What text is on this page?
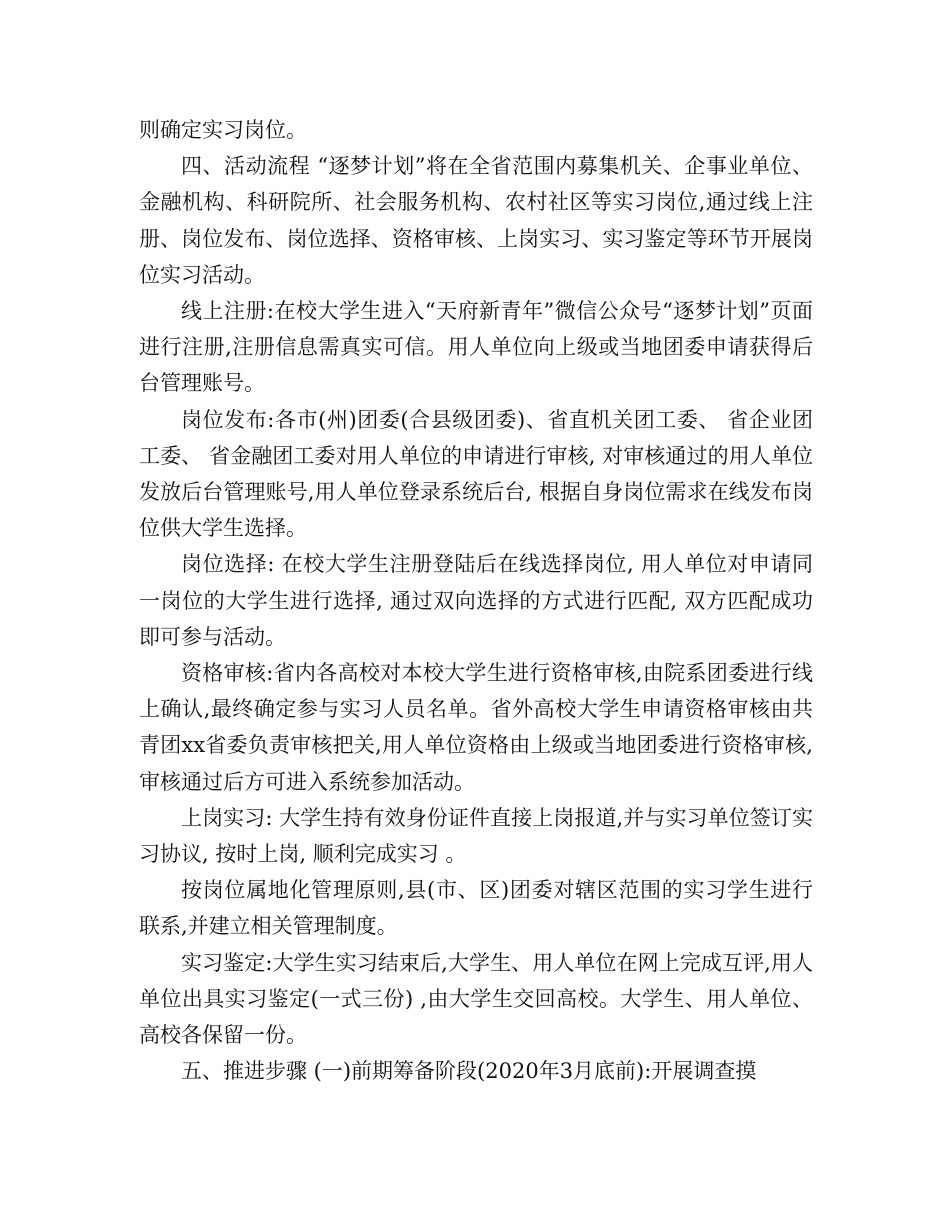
则确定实习岗位。

四、活动流程 “逐梦计划”将在全省范围内募集机关、企事业单位、金融机构、科研院所、社会服务机构、农村社区等实习岗位,通过线上注册、岗位发布、岗位选择、资格审核、上岗实习、实习鉴定等环节开展岗位实习活动。

线上注册:在校大学生进入“天府新青年”微信公众号“逐梦计划”页面进行注册,注册信息需真实可信。用人单位向上级或当地团委申请获得后台管理账号。

岗位发布:各市(州)团委(合县级团委)、省直机关团工委、 省企业团工委、 省金融团工委对用人单位的申请进行审核, 对审核通过的用人单位发放后台管理账号,用人单位登录系统后台, 根据自身岗位需求在线发布岗位供大学生选择。

岗位选择: 在校大学生注册登陆后在线选择岗位, 用人单位对申请同一岗位的大学生进行选择, 通过双向选择的方式进行匹配, 双方匹配成功即可参与活动。

资格审核:省内各高校对本校大学生进行资格审核,由院系团委进行线上确认,最终确定参与实习人员名单。省外高校大学生申请资格审核由共青团xx省委负责审核把关,用人单位资格由上级或当地团委进行资格审核, 审核通过后方可进入系统参加活动。

上岗实习: 大学生持有效身份证件直接上岗报道,并与实习单位签订实习协议, 按时上岗, 顺利完成实习 。

按岗位属地化管理原则,县(市、区)团委对辖区范围的实习学生进行联系,并建立相关管理制度。

实习鉴定:大学生实习结束后,大学生、用人单位在网上完成互评,用人单位出具实习鉴定(一式三份) ,由大学生交回高校。大学生、用人单位、高校各保留一份。

五、推进步骤 (一)前期筹备阶段(2020年3月底前):开展调查摸
